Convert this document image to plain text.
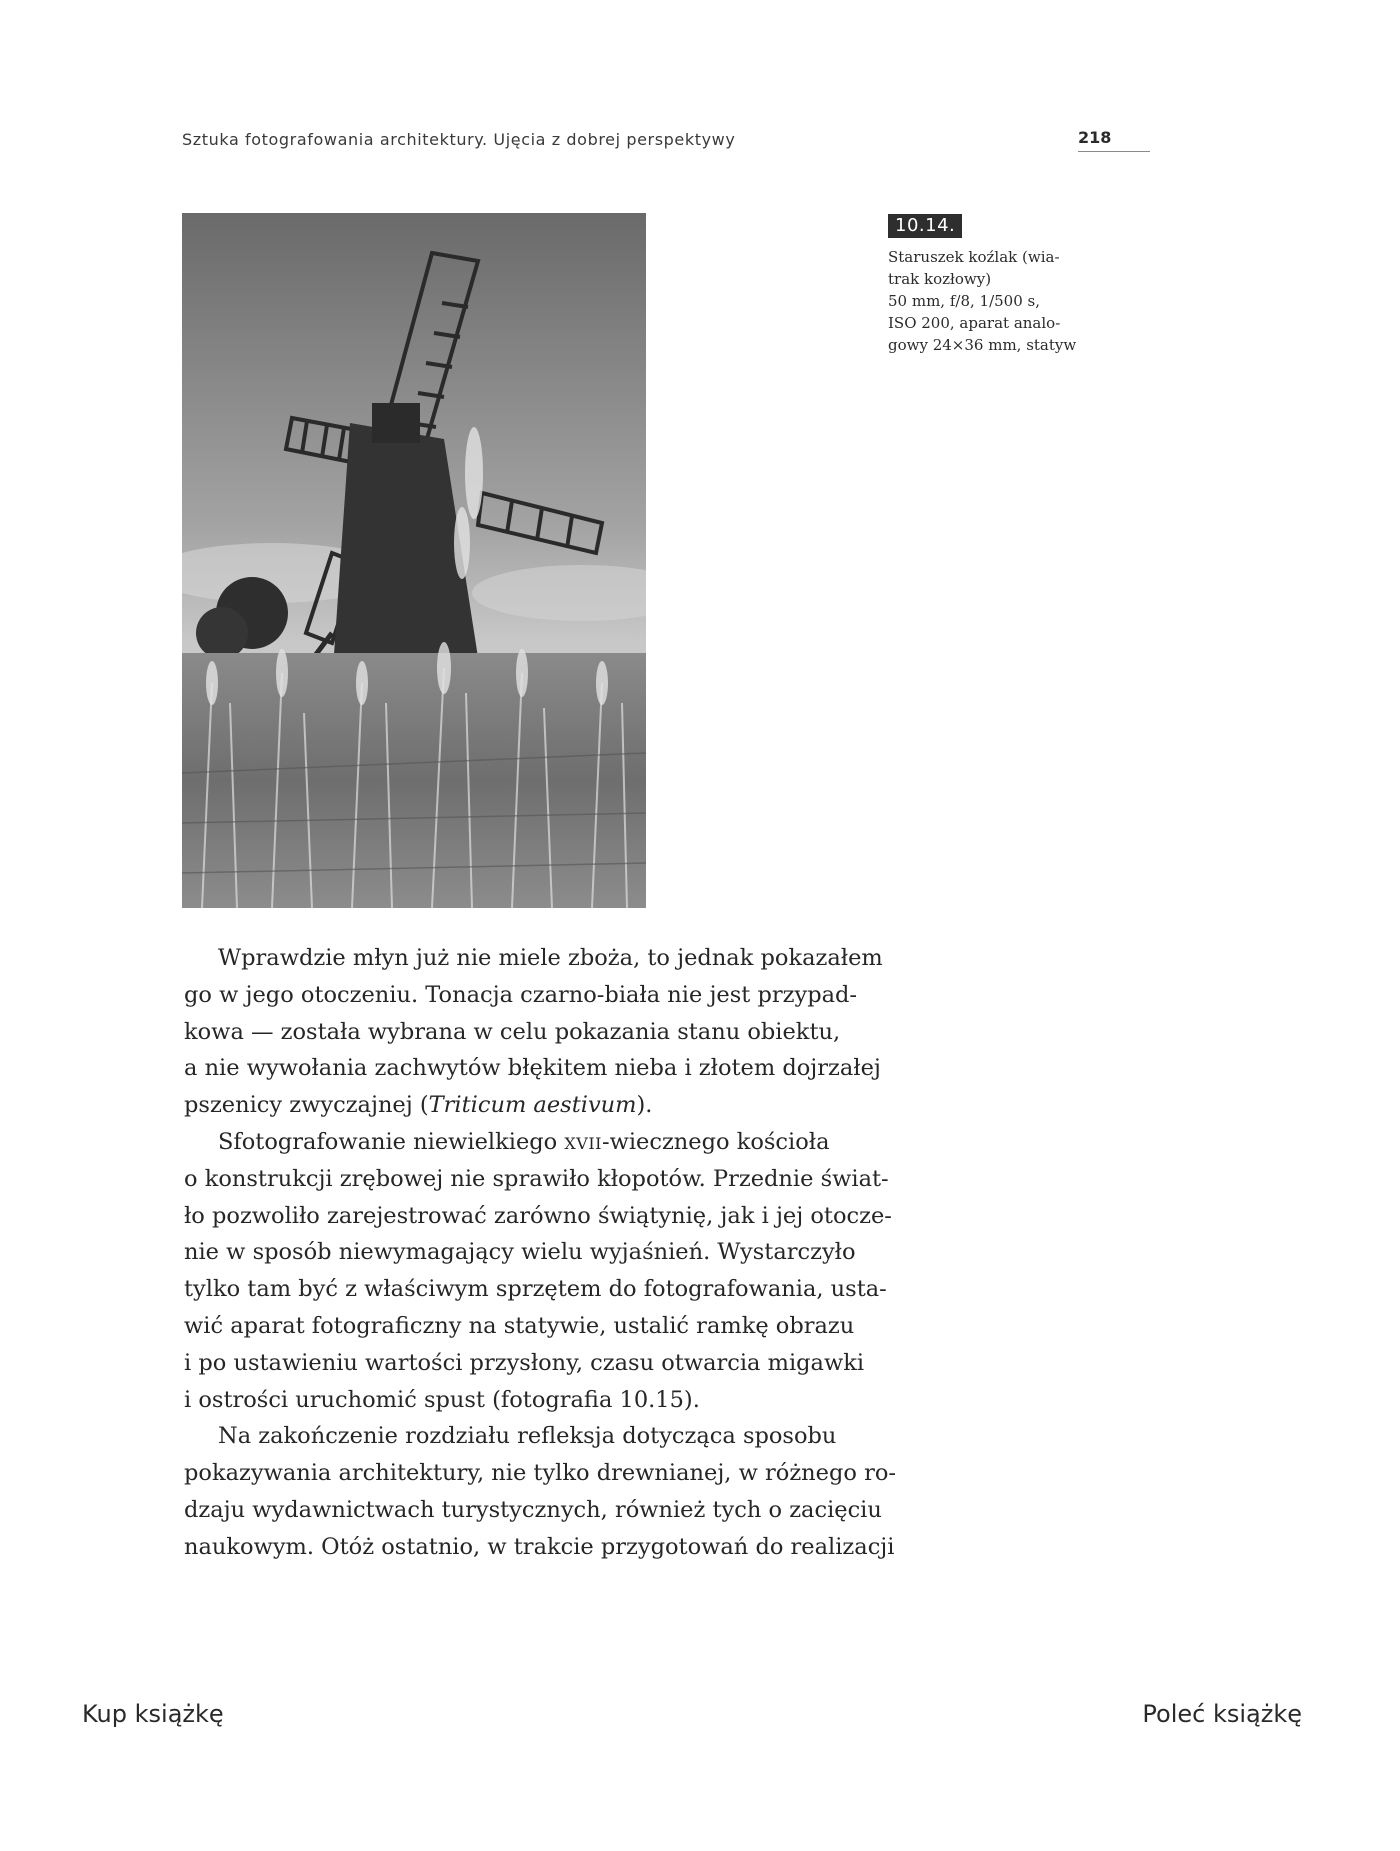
Sztuka fotografowania architektury. Ujęcia z dobrej perspektywy	218
10.14.
Staruszek koźlak (wia-
trak kozłowy)
50 mm, f/8, 1/500 s,
ISO 200, aparat analo-
gowy 24×36 mm, statyw
Wprawdzie młyn już nie miele zboża, to jednak pokazałem
go w jego otoczeniu. Tonacja czarno-biała nie jest przypad-
kowa — została wybrana w celu pokazania stanu obiektu,
a nie wywołania zachwytów błękitem nieba i złotem dojrzałej
pszenicy zwyczajnej (Triticum aestivum).
Sfotografowanie niewielkiego xvii-wiecznego kościoła
o konstrukcji zrębowej nie sprawiło kłopotów. Przednie świat-
ło pozwoliło zarejestrować zarówno świątynię, jak i jej otocze-
nie w sposób niewymagający wielu wyjaśnień. Wystarczyło
tylko tam być z właściwym sprzętem do fotografowania, usta-
wić aparat fotograficzny na statywie, ustalić ramkę obrazu
i po ustawieniu wartości przysłony, czasu otwarcia migawki
i ostrości uruchomić spust (fotografia 10.15).
Na zakończenie rozdziału refleksja dotycząca sposobu
pokazywania architektury, nie tylko drewnianej, w różnego ro-
dzaju wydawnictwach turystycznych, również tych o zacięciu
naukowym. Otóż ostatnio, w trakcie przygotowań do realizacji
Kup książkę	Poleć książkę
